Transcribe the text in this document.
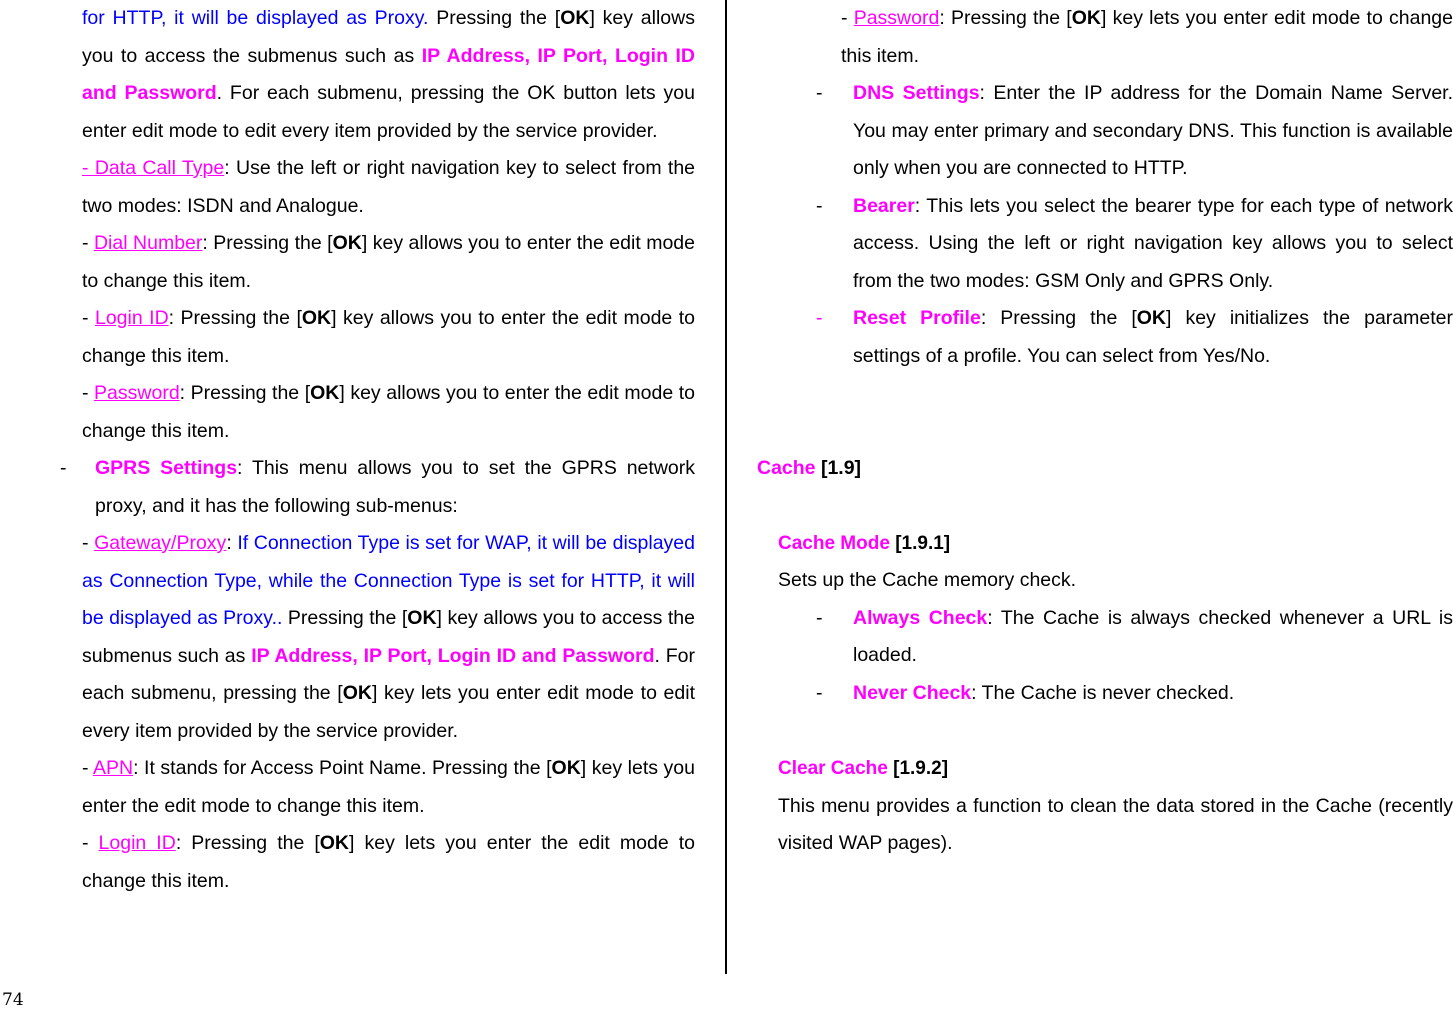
for HTTP, it will be displayed as Proxy. Pressing the [OK] key allows you to access the submenus such as IP Address, IP Port, Login ID and Password. For each submenu, pressing the OK button lets you enter edit mode to edit every item provided by the service provider.

- Data Call Type: Use the left or right navigation key to select from the two modes: ISDN and Analogue.

- Dial Number: Pressing the [OK] key allows you to enter the edit mode to change this item.

- Login ID: Pressing the [OK] key allows you to enter the edit mode to change this item.

- Password: Pressing the [OK] key allows you to enter the edit mode to change this item.

- GPRS Settings: This menu allows you to set the GPRS network proxy, and it has the following sub-menus:

- Gateway/Proxy: If Connection Type is set for WAP, it will be displayed as Connection Type, while the Connection Type is set for HTTP, it will be displayed as Proxy.. Pressing the [OK] key allows you to access the submenus such as IP Address, IP Port, Login ID and Password. For each submenu, pressing the [OK] key lets you enter edit mode to edit every item provided by the service provider.

- APN: It stands for Access Point Name. Pressing the [OK] key lets you enter the edit mode to change this item.

- Login ID: Pressing the [OK] key lets you enter the edit mode to change this item.

- Password: Pressing the [OK] key lets you enter edit mode to change this item.

- DNS Settings: Enter the IP address for the Domain Name Server. You may enter primary and secondary DNS. This function is available only when you are connected to HTTP.

- Bearer: This lets you select the bearer type for each type of network access. Using the left or right navigation key allows you to select from the two modes: GSM Only and GPRS Only.

- Reset Profile: Pressing the [OK] key initializes the parameter settings of a profile. You can select from Yes/No.

Cache [1.9]

Cache Mode [1.9.1]

Sets up the Cache memory check.

- Always Check: The Cache is always checked whenever a URL is loaded.

- Never Check: The Cache is never checked.

Clear Cache [1.9.2]

This menu provides a function to clean the data stored in the Cache (recently visited WAP pages).

74
